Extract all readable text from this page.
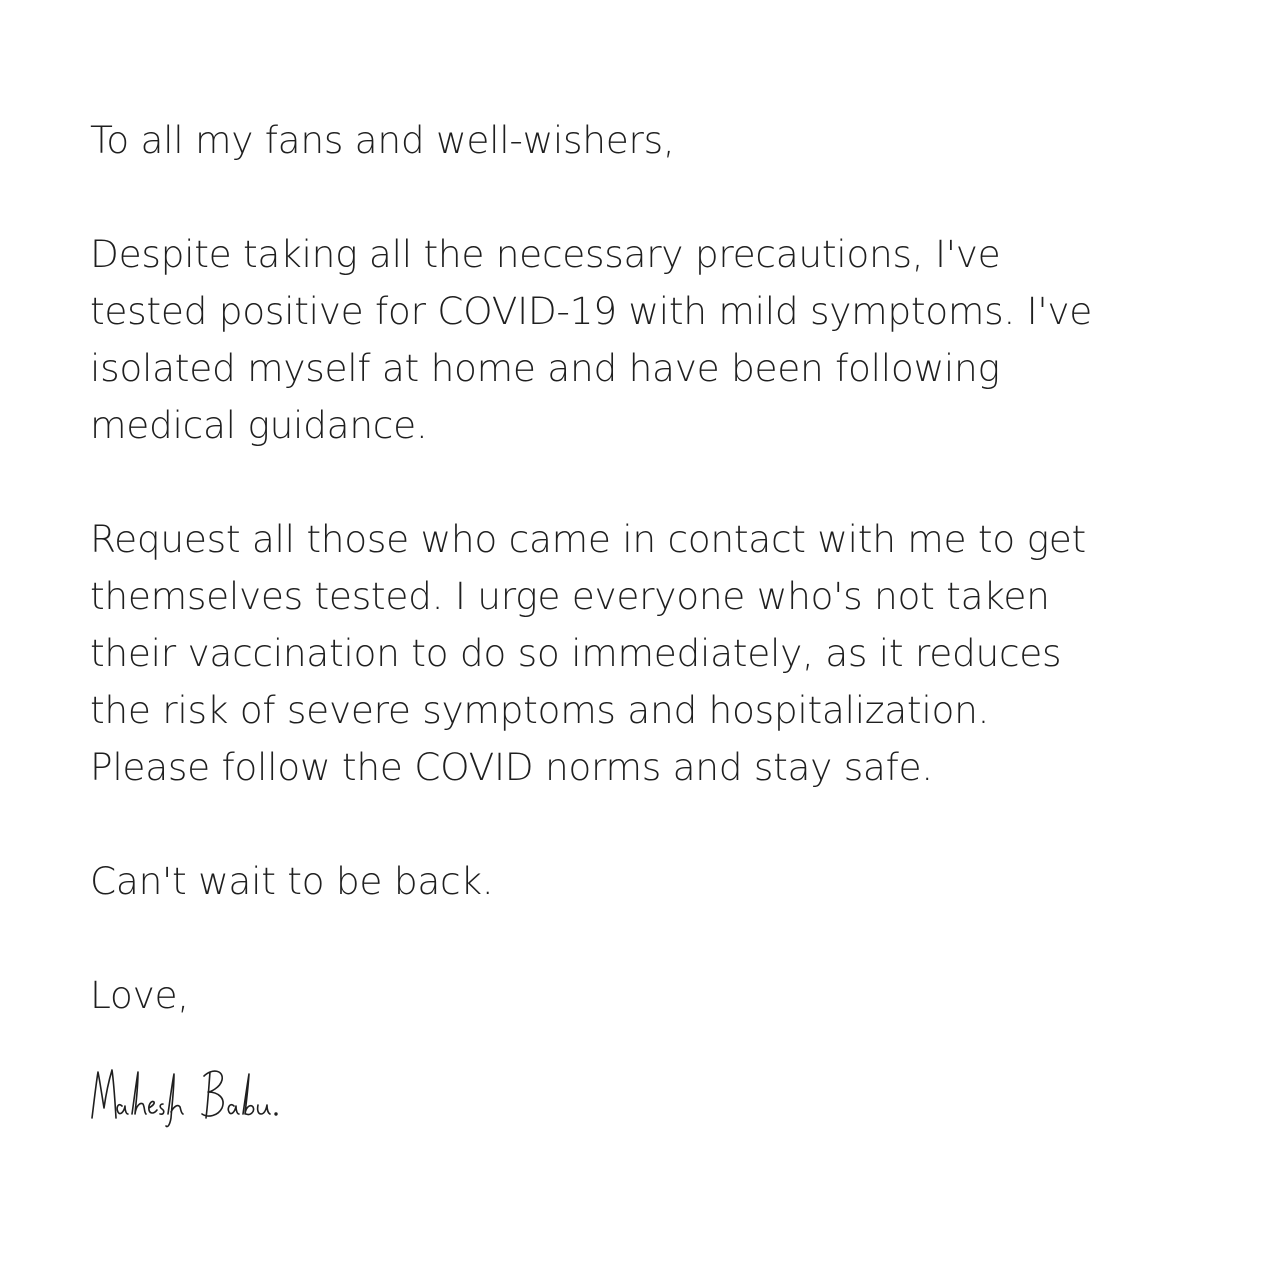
To all my fans and well-wishers,
Despite taking all the necessary precautions, I've
tested positive for COVID-19 with mild symptoms. I've
isolated myself at home and have been following
medical guidance.
Request all those who came in contact with me to get
themselves tested. I urge everyone who's not taken
their vaccination to do so immediately, as it reduces
the risk of severe symptoms and hospitalization.
Please follow the COVID norms and stay safe.
Can't wait to be back.
Love,
